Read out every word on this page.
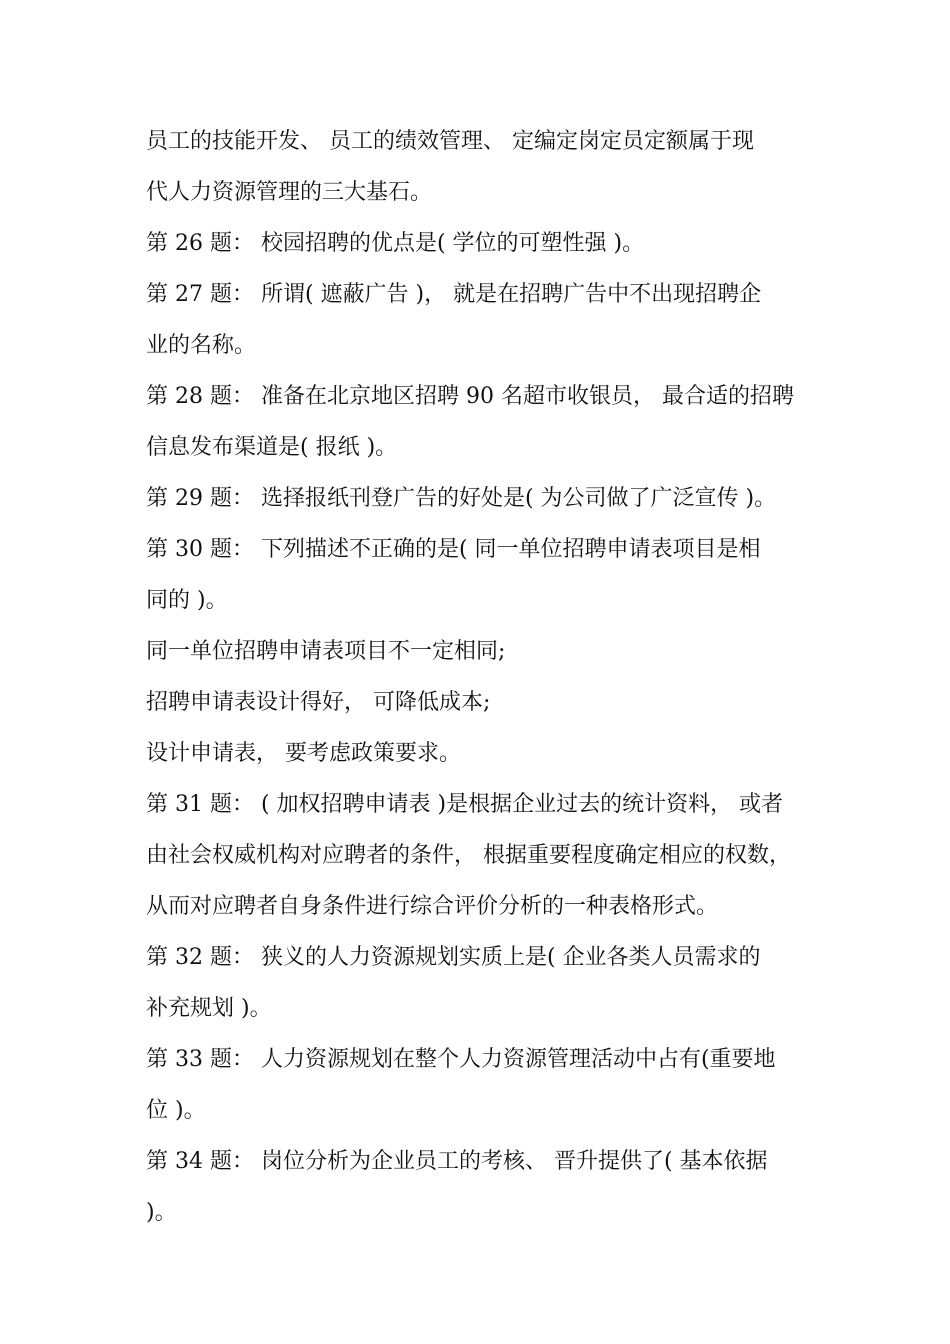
员工的技能开发、 员工的绩效管理、 定编定岗定员定额属于现
代人力资源管理的三大基石。
第 26 题： 校园招聘的优点是( 学位的可塑性强 )。
第 27 题： 所谓( 遮蔽广告 )， 就是在招聘广告中不出现招聘企
业的名称。
第 28 题： 准备在北京地区招聘 90 名超市收银员， 最合适的招聘
信息发布渠道是( 报纸 )。
第 29 题： 选择报纸刊登广告的好处是( 为公司做了广泛宣传 )。
第 30 题： 下列描述不正确的是( 同一单位招聘申请表项目是相
同的 )。
同一单位招聘申请表项目不一定相同;
招聘申请表设计得好， 可降低成本;
设计申请表， 要考虑政策要求。
第 31 题： ( 加权招聘申请表 )是根据企业过去的统计资料， 或者
由社会权威机构对应聘者的条件， 根据重要程度确定相应的权数，
从而对应聘者自身条件进行综合评价分析的一种表格形式。
第 32 题： 狭义的人力资源规划实质上是( 企业各类人员需求的
补充规划 )。
第 33 题： 人力资源规划在整个人力资源管理活动中占有(重要地
位 )。
第 34 题： 岗位分析为企业员工的考核、 晋升提供了( 基本依据
)。
